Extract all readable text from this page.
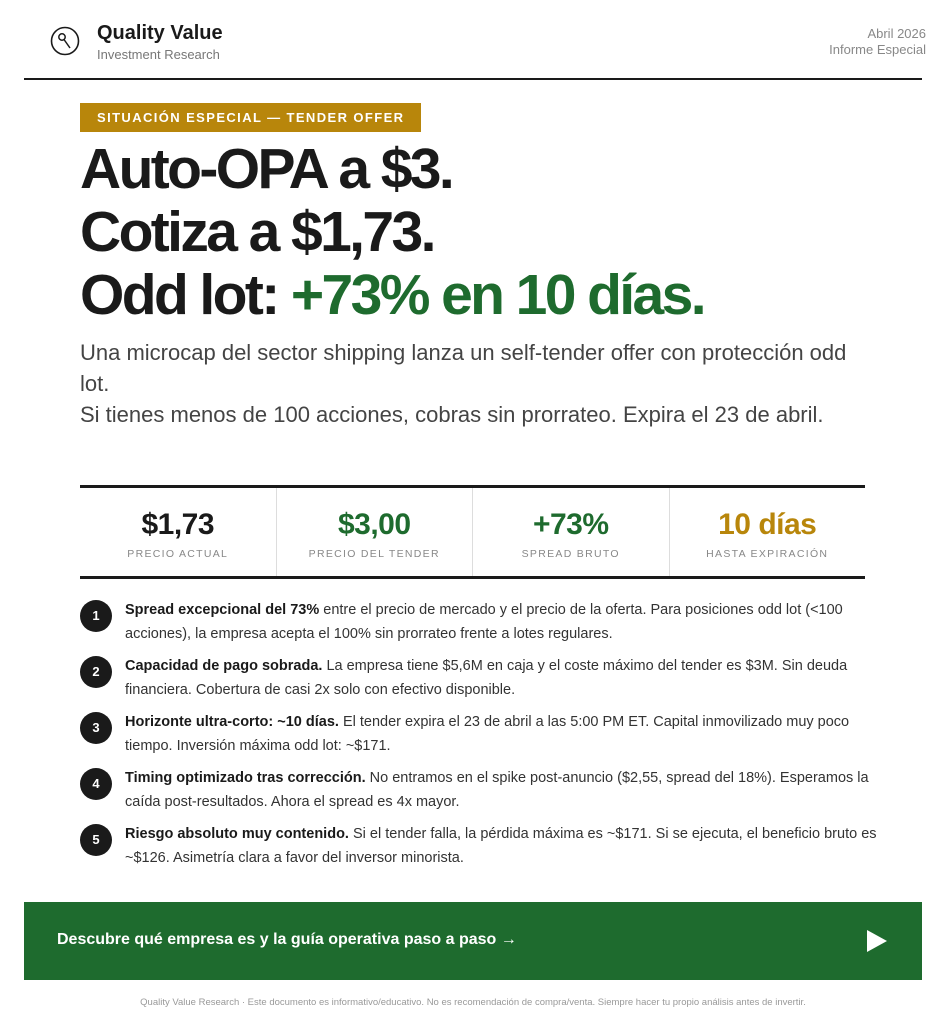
Quality Value
Investment Research
Abril 2026
Informe Especial
SITUACIÓN ESPECIAL — TENDER OFFER
Auto-OPA a $3.
Cotiza a $1,73.
Odd lot: +73% en 10 días.
Una microcap del sector shipping lanza un self-tender offer con protección odd lot.
Si tienes menos de 100 acciones, cobras sin prorrateo. Expira el 23 de abril.
$1,73
PRECIO ACTUAL
$3,00
PRECIO DEL TENDER
+73%
SPREAD BRUTO
10 días
HASTA EXPIRACIÓN
1	Spread excepcional del 73% entre el precio de mercado y el precio de la oferta. Para posiciones odd lot (<100 acciones), la empresa acepta el 100% sin prorrateo frente a lotes regulares.
2	Capacidad de pago sobrada. La empresa tiene $5,6M en caja y el coste máximo del tender es $3M. Sin deuda financiera. Cobertura de casi 2x solo con efectivo disponible.
3	Horizonte ultra-corto: ~10 días. El tender expira el 23 de abril a las 5:00 PM ET. Capital inmovilizado muy poco tiempo. Inversión máxima odd lot: ~$171.
4	Timing optimizado tras corrección. No entramos en el spike post-anuncio ($2,55, spread del 18%). Esperamos la caída post-resultados. Ahora el spread es 4x mayor.
5	Riesgo absoluto muy contenido. Si el tender falla, la pérdida máxima es ~$171. Si se ejecuta, el beneficio bruto es ~$126. Asimetría clara a favor del inversor minorista.
Descubre qué empresa es y la guía operativa paso a paso →
Quality Value Research · Este documento es informativo/educativo. No es recomendación de compra/venta. Siempre hacer tu propio análisis antes de invertir.
